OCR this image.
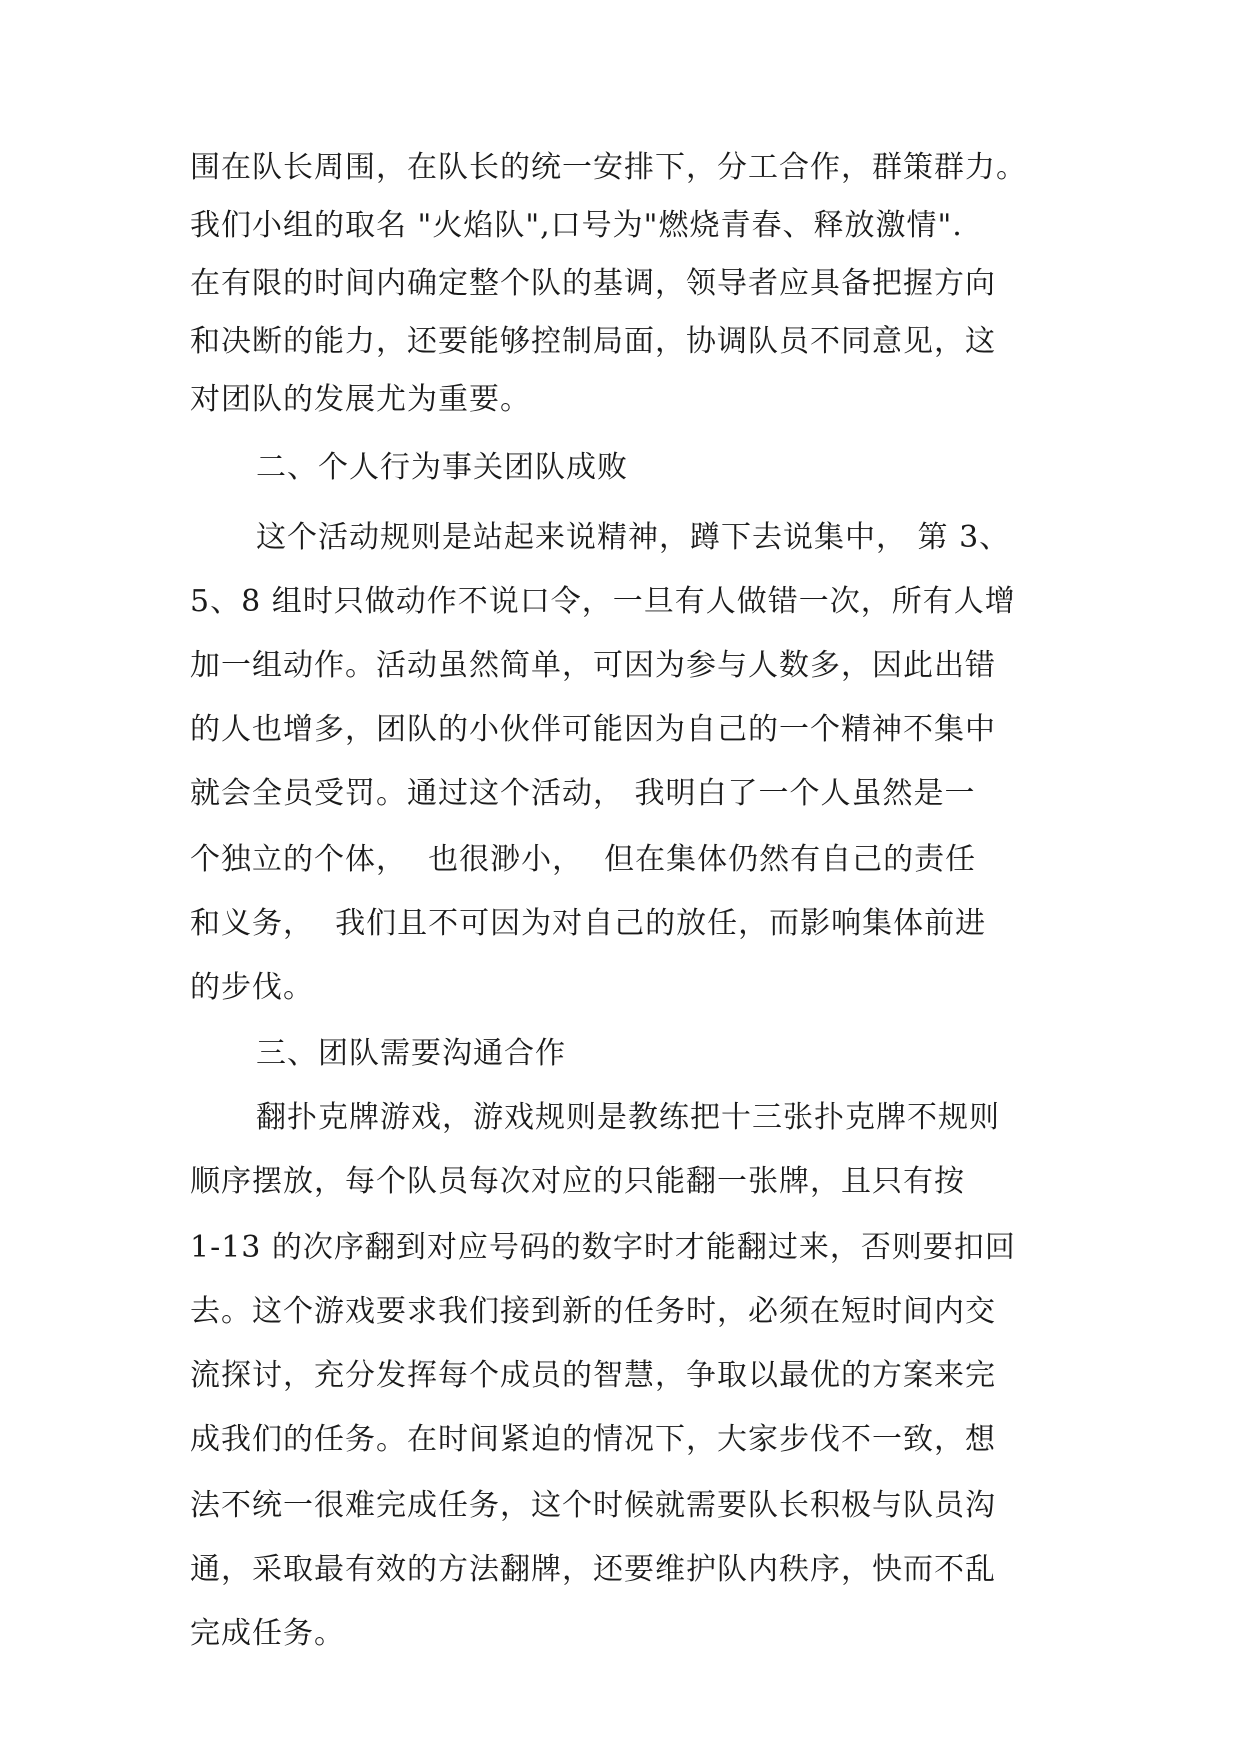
围在队长周围，在队长的统一安排下，分工合作，群策群力。
我们小组的取名 "火焰队",口号为"燃烧青春、释放激情".
在有限的时间内确定整个队的基调，领导者应具备把握方向
和决断的能力，还要能够控制局面，协调队员不同意见，这
对团队的发展尤为重要。
二、个人行为事关团队成败
这个活动规则是站起来说精神，蹲下去说集中， 第 3、
5、8 组时只做动作不说口令，一旦有人做错一次，所有人增
加一组动作。活动虽然简单，可因为参与人数多，因此出错
的人也增多，团队的小伙伴可能因为自己的一个精神不集中
就会全员受罚。通过这个活动， 我明白了一个人虽然是一
个独立的个体，  也很渺小，  但在集体仍然有自己的责任
和义务，  我们且不可因为对自己的放任，而影响集体前进
的步伐。
三、团队需要沟通合作
翻扑克牌游戏，游戏规则是教练把十三张扑克牌不规则
顺序摆放，每个队员每次对应的只能翻一张牌，且只有按
1-13 的次序翻到对应号码的数字时才能翻过来，否则要扣回
去。这个游戏要求我们接到新的任务时，必须在短时间内交
流探讨，充分发挥每个成员的智慧，争取以最优的方案来完
成我们的任务。在时间紧迫的情况下，大家步伐不一致，想
法不统一很难完成任务，这个时候就需要队长积极与队员沟
通，采取最有效的方法翻牌，还要维护队内秩序，快而不乱
完成任务。
